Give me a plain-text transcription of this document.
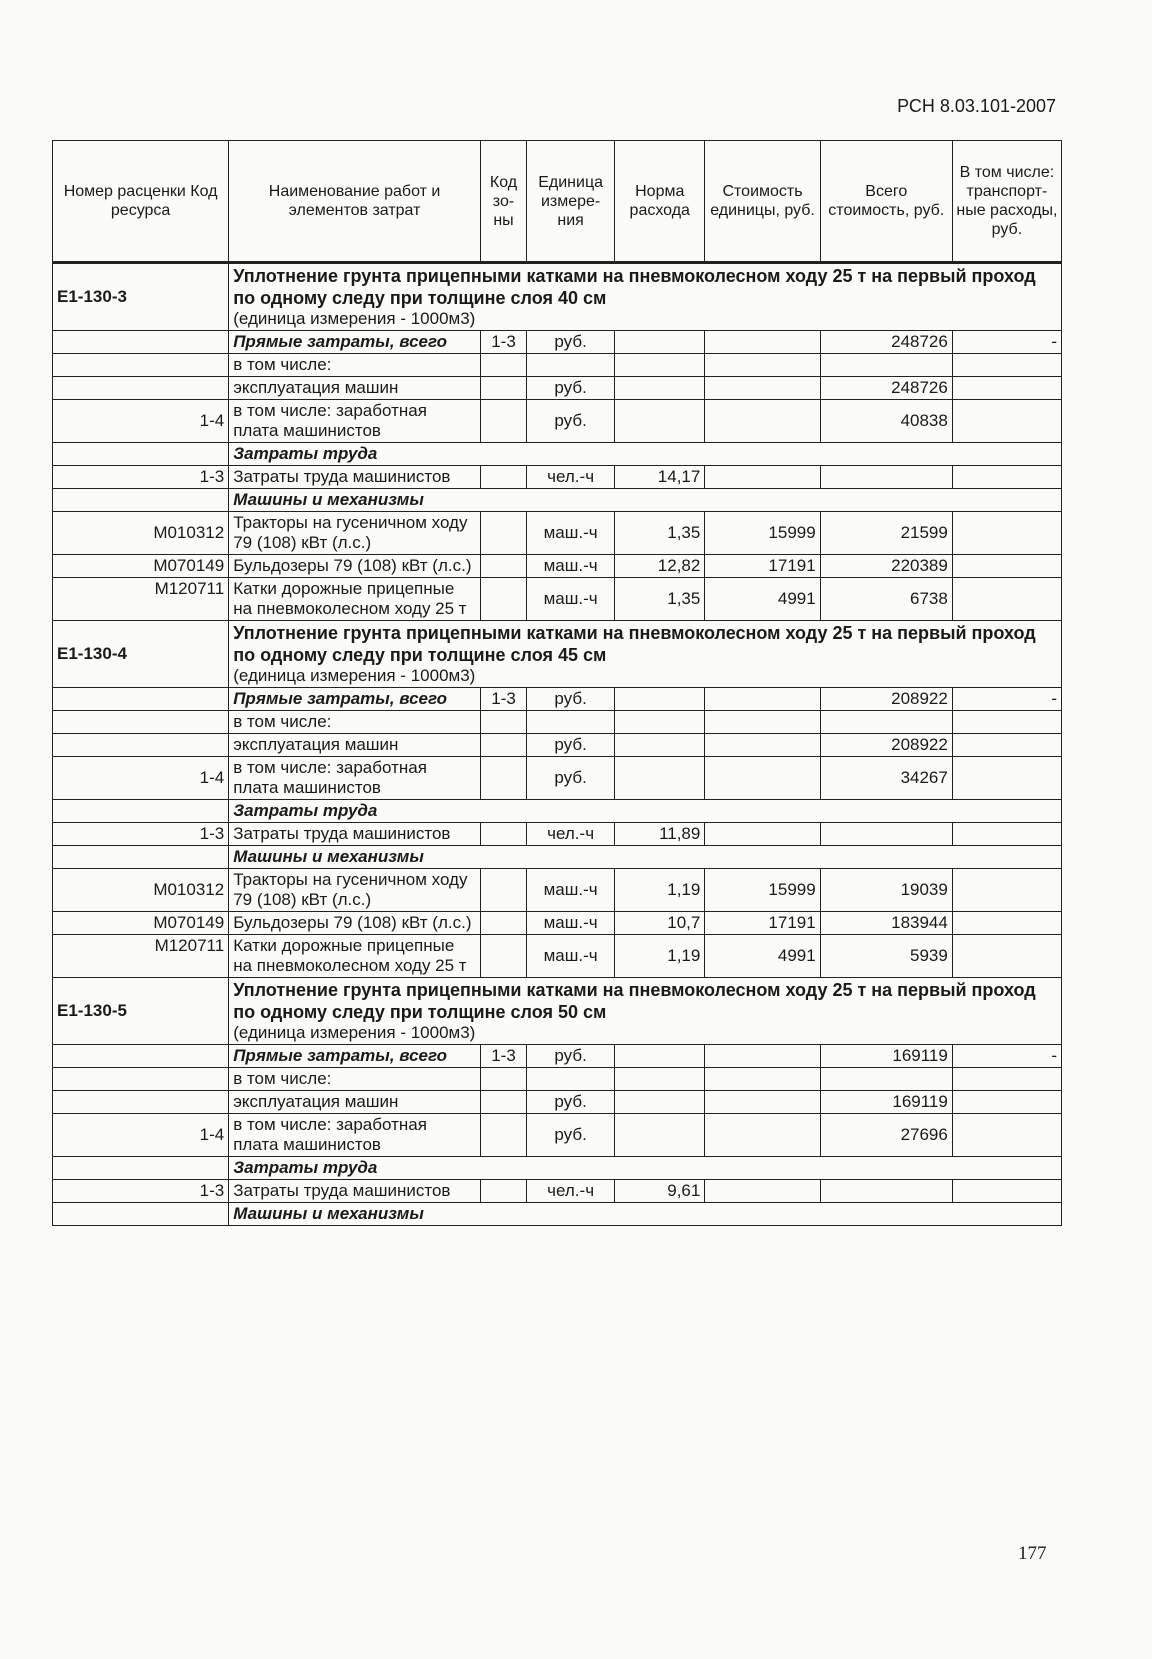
РСН 8.03.101-2007
Номер расценки Код ресурса	Наименование работ и элементов затрат	Код зо-ны	Единица измере-ния	Норма расхода	Стоимость единицы, руб.	Всего стоимость, руб.	В том числе: транспорт-ные расходы, руб.
Е1-130-3	Уплотнение грунта прицепными катками на пневмоколесном ходу 25 т на первый проход по одному следу при толщине слоя 40 см
(единица измерения - 1000м3)						

	Прямые затраты, всего	1-3	руб.			248726	-
	в том числе:						
	эксплуатация машин		руб.			248726	
1-4	в том числе: заработная плата машинистов		руб.			40838	
	Затраты труда						
1-3	Затраты труда машинистов		чел.-ч	14,17			
	Машины и механизмы						
М010312	Тракторы на гусеничном ходу 79 (108) кВт (л.с.)		маш.-ч	1,35	15999	21599	
М070149	Бульдозеры 79 (108) кВт (л.с.)		маш.-ч	12,82	17191	220389	
М120711	Катки дорожные прицепные на пневмоколесном ходу 25 т		маш.-ч	1,35	4991	6738	
Е1-130-4	Уплотнение грунта прицепными катками на пневмоколесном ходу 25 т на первый проход по одному следу при толщине слоя 45 см
(единица измерения - 1000м3)						

	Прямые затраты, всего	1-3	руб.			208922	-
	в том числе:						
	эксплуатация машин		руб.			208922	
1-4	в том числе: заработная плата машинистов		руб.			34267	
	Затраты труда						
1-3	Затраты труда машинистов		чел.-ч	11,89			
	Машины и механизмы						
М010312	Тракторы на гусеничном ходу 79 (108) кВт (л.с.)		маш.-ч	1,19	15999	19039	
М070149	Бульдозеры 79 (108) кВт (л.с.)		маш.-ч	10,7	17191	183944	
М120711	Катки дорожные прицепные на пневмоколесном ходу 25 т		маш.-ч	1,19	4991	5939	
Е1-130-5	Уплотнение грунта прицепными катками на пневмоколесном ходу 25 т на первый проход по одному следу при толщине слоя 50 см
(единица измерения - 1000м3)						

	Прямые затраты, всего	1-3	руб.			169119	-
	в том числе:						
	эксплуатация машин		руб.			169119	
1-4	в том числе: заработная плата машинистов		руб.			27696	
	Затраты труда						
1-3	Затраты труда машинистов		чел.-ч	9,61			
	Машины и механизмы						
177
